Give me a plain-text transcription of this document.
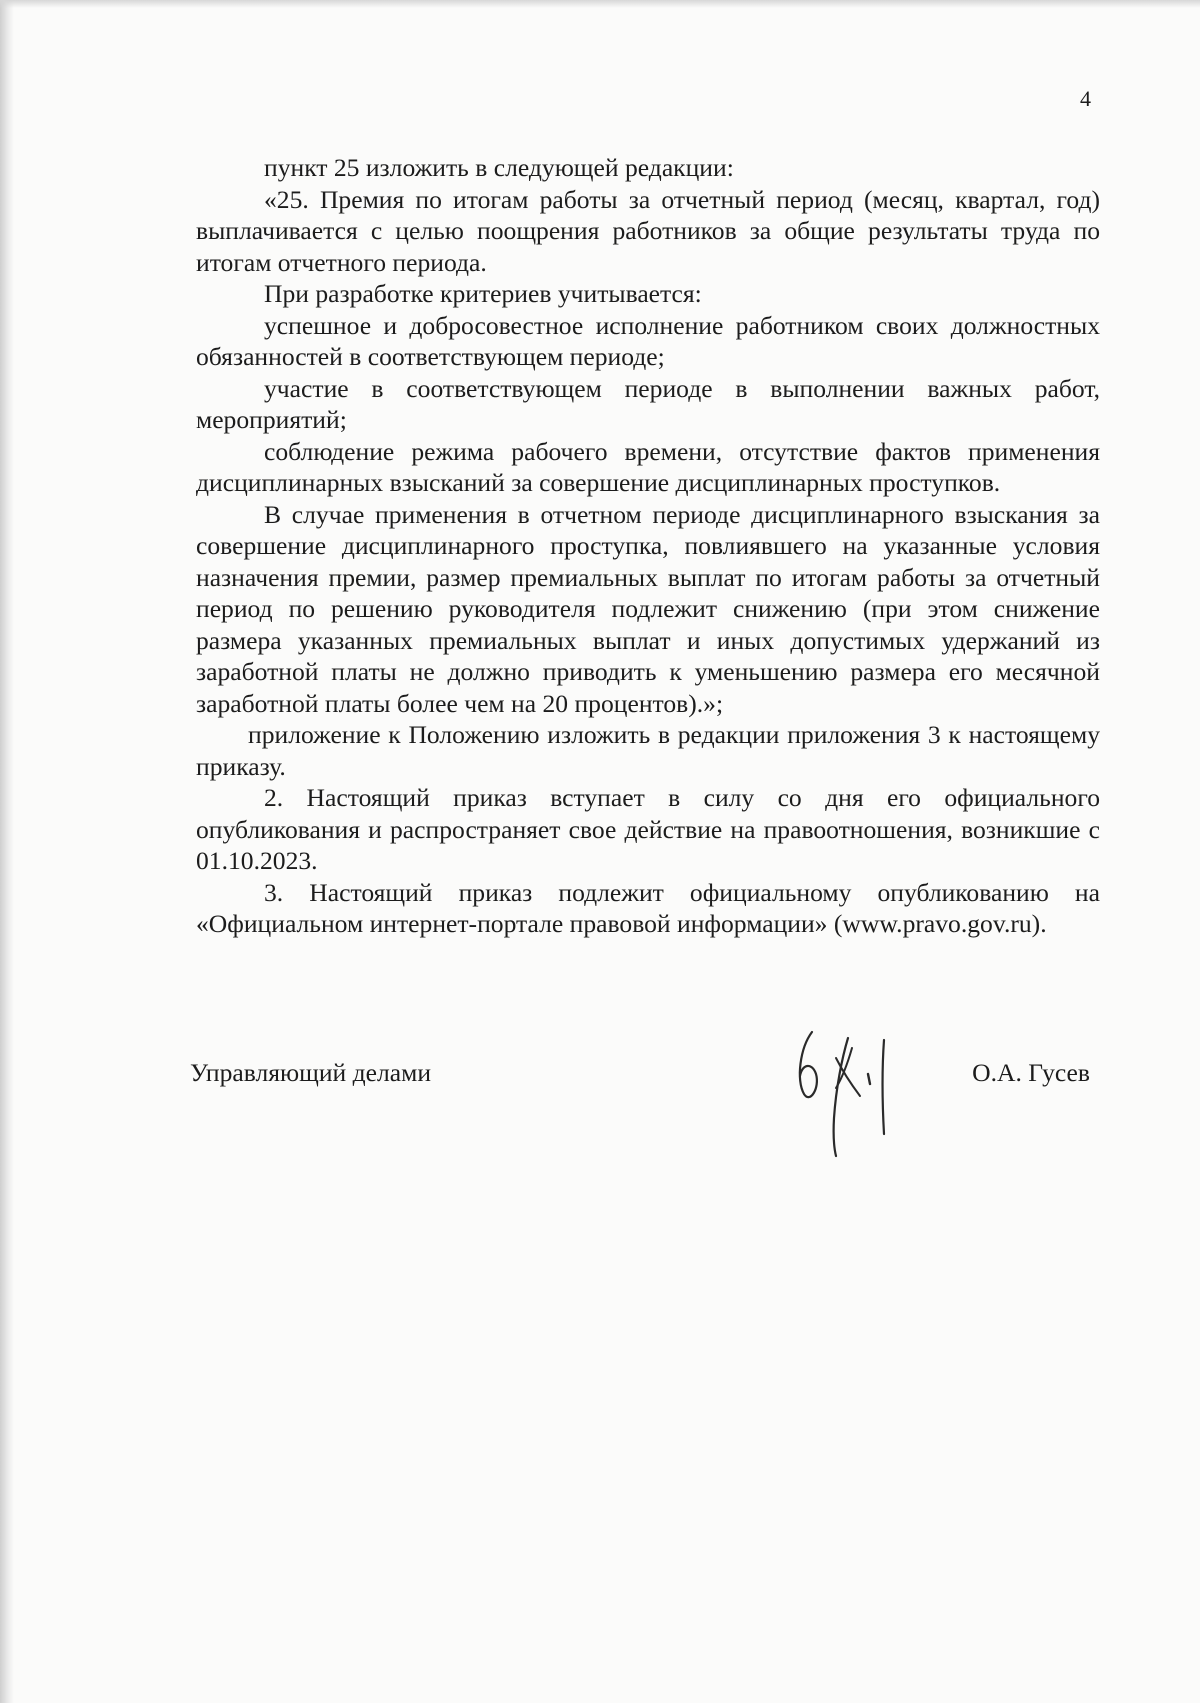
4

пункт 25 изложить в следующей редакции:

«25. Премия по итогам работы за отчетный период (месяц, квартал, год) выплачивается с целью поощрения работников за общие результаты труда по итогам отчетного периода.

При разработке критериев учитывается:

успешное и добросовестное исполнение работником своих должностных обязанностей в соответствующем периоде;

участие в соответствующем периоде в выполнении важных работ, мероприятий;

соблюдение режима рабочего времени, отсутствие фактов применения дисциплинарных взысканий за совершение дисциплинарных проступков.

В случае применения в отчетном периоде дисциплинарного взыскания за совершение дисциплинарного проступка, повлиявшего на указанные условия назначения премии, размер премиальных выплат по итогам работы за отчетный период по решению руководителя подлежит снижению (при этом снижение размера указанных премиальных выплат и иных допустимых удержаний из заработной платы не должно приводить к уменьшению размера его месячной заработной платы более чем на 20 процентов).»;

приложение к Положению изложить в редакции приложения 3 к настоящему приказу.

2. Настоящий приказ вступает в силу со дня его официального опубликования и распространяет свое действие на правоотношения, возникшие с 01.10.2023.

3. Настоящий приказ подлежит официальному опубликованию на «Официальном интернет-портале правовой информации» (www.pravo.gov.ru).

Управляющий делами	О.А. Гусев
